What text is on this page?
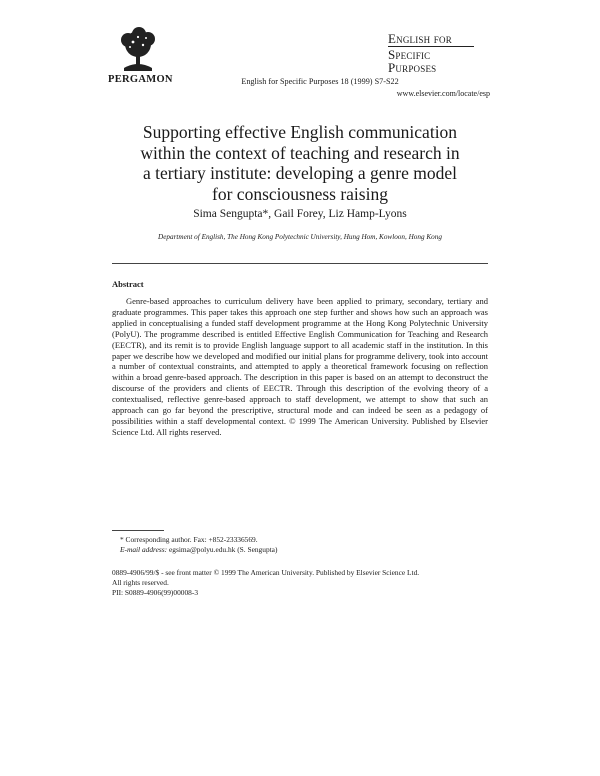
PERGAMON	English for Specific Purposes 18 (1999) S7-S22
English for
Specific
Purposes
www.elsevier.com/locate/esp
Supporting effective English communication
within the context of teaching and research in
a tertiary institute: developing a genre model
for consciousness raising
Sima Sengupta*, Gail Forey, Liz Hamp-Lyons
Department of English, The Hong Kong Polytechnic University, Hung Hom, Kowloon, Hong Kong
Abstract
Genre-based approaches to curriculum delivery have been applied to primary, secondary, tertiary and graduate programmes. This paper takes this approach one step further and shows how such an approach was applied in conceptualising a funded staff development programme at the Hong Kong Polytechnic University (PolyU). The programme described is entitled Effective English Communication for Teaching and Research (EECTR), and its remit is to provide English language support to all academic staff in the institution. In this paper we describe how we developed and modified our initial plans for programme delivery, took into account a number of contextual constraints, and attempted to apply a theoretical framework focusing on reflection within a broad genre-based approach. The description in this paper is based on an attempt to deconstruct the discourse of the providers and clients of EECTR. Through this description of the evolving theory of a contextualised, reflective genre-based approach to staff development, we attempt to show that such an approach can go far beyond the prescriptive, structural mode and can indeed be seen as a pedagogy of possibilities within a staff developmental context. © 1999 The American University. Published by Elsevier Science Ltd. All rights reserved.
* Corresponding author. Fax: +852-23336569.
E-mail address: egsima@polyu.edu.hk (S. Sengupta)
0889-4906/99/$ - see front matter © 1999 The American University. Published by Elsevier Science Ltd.
All rights reserved.
PII: S0889-4906(99)00008-3
